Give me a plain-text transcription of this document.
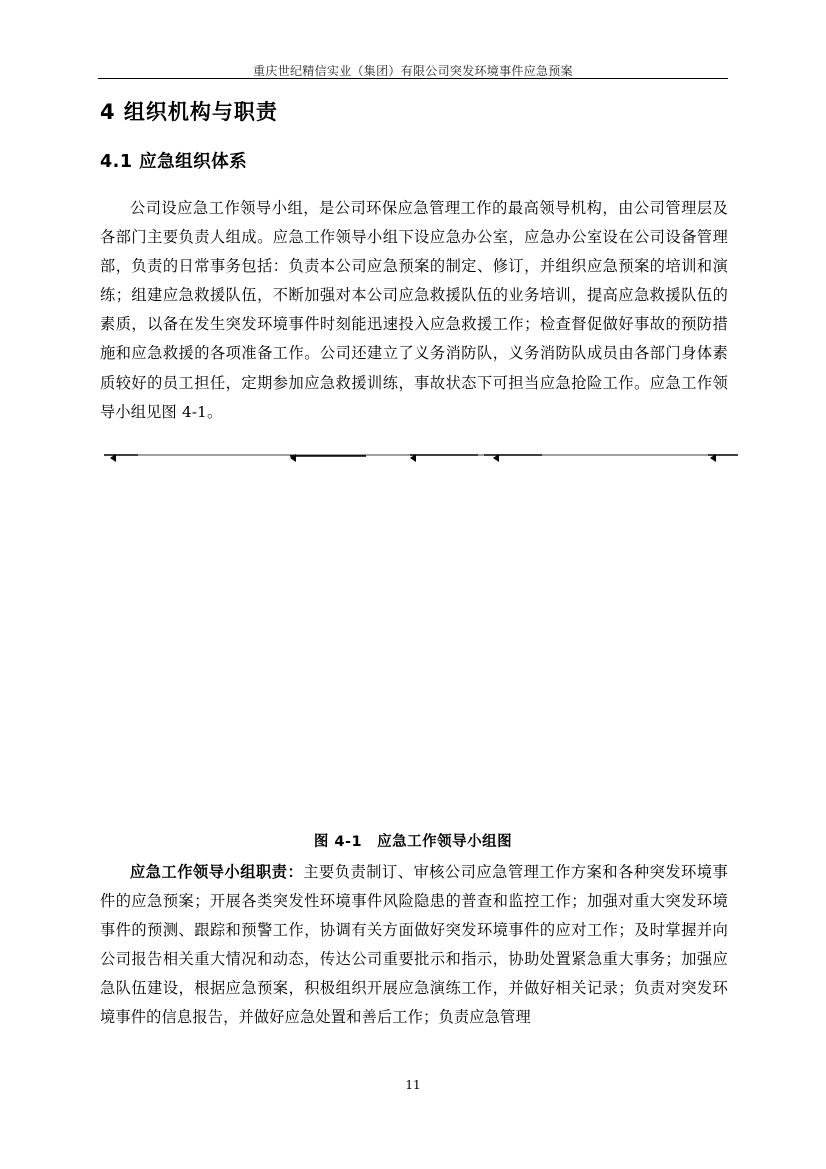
重庆世纪精信实业（集团）有限公司突发环境事件应急预案
4 组织机构与职责
4.1 应急组织体系

公司设应急工作领导小组，是公司环保应急管理工作的最高领导机构，由公司管理层及各部门主要负责人组成。应急工作领导小组下设应急办公室，应急办公室设在公司设备管理部，负责的日常事务包括：负责本公司应急预案的制定、修订，并组织应急预案的培训和演练；组建应急救援队伍，不断加强对本公司应急救援队伍的业务培训，提高应急救援队伍的素质，以备在发生突发环境事件时刻能迅速投入应急救援工作；检查督促做好事故的预防措施和应急救援的各项准备工作。公司还建立了义务消防队，义务消防队成员由各部门身体素质较好的员工担任，定期参加应急救援训练，事故状态下可担当应急抢险工作。应急工作领导小组见图 4-1。

图 4-1　应急工作领导小组图

应急工作领导小组职责：主要负责制订、审核公司应急管理工作方案和各种突发环境事件的应急预案；开展各类突发性环境事件风险隐患的普查和监控工作；加强对重大突发环境事件的预测、跟踪和预警工作，协调有关方面做好突发环境事件的应对工作；及时掌握并向公司报告相关重大情况和动态，传达公司重要批示和指示，协助处置紧急重大事务；加强应急队伍建设，根据应急预案，积极组织开展应急演练工作，并做好相关记录；负责对突发环境事件的信息报告，并做好应急处置和善后工作；负责应急管理

11
